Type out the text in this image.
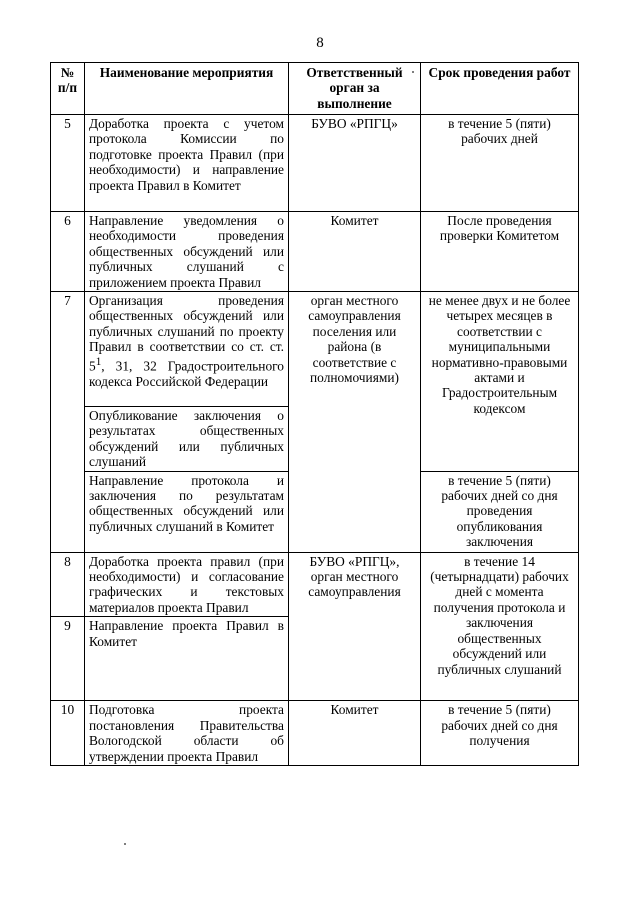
8
№ п/п	Наименование мероприятия	Ответственный орган за выполнение	Срок проведения работ
5	Доработка проекта с учетом протокола Комиссии по подготовке проекта Правил (при необходимости) и направление проекта Правил в Комитет	БУВО «РПГЦ»	в течение 5 (пяти) рабочих дней
6	Направление уведомления о необходимости проведения общественных обсуждений или публичных слушаний с приложением проекта Правил	Комитет	После проведения проверки Комитетом
7	Организация проведения общественных обсуждений или публичных слушаний по проекту Правил в соответствии со ст. ст. $5^1$, 31, 32 Градостроительного кодекса Российской Федерации	орган местного самоуправления поселения или района (в соответствие с полномочиями)	не менее двух и не более четырех месяцев в соответствии с муниципальными нормативно-правовыми актами и Градостроительным кодексом
	Опубликование заключения о результатах общественных обсуждений или публичных слушаний		
	Направление протокола и заключения по результатам общественных обсуждений или публичных слушаний в Комитет		в течение 5 (пяти) рабочих дней со дня проведения опубликования заключения
8	Доработка проекта правил (при необходимости) и согласование графических и текстовых материалов проекта Правил	БУВО «РПГЦ», орган местного самоуправления	в течение 14 (четырнадцати) рабочих дней с момента получения протокола и заключения общественных обсуждений или публичных слушаний
9	Направление проекта Правил в Комитет		
10	Подготовка проекта постановления Правительства Вологодской области об утверждении проекта Правил	Комитет	в течение 5 (пяти) рабочих дней со дня получения
